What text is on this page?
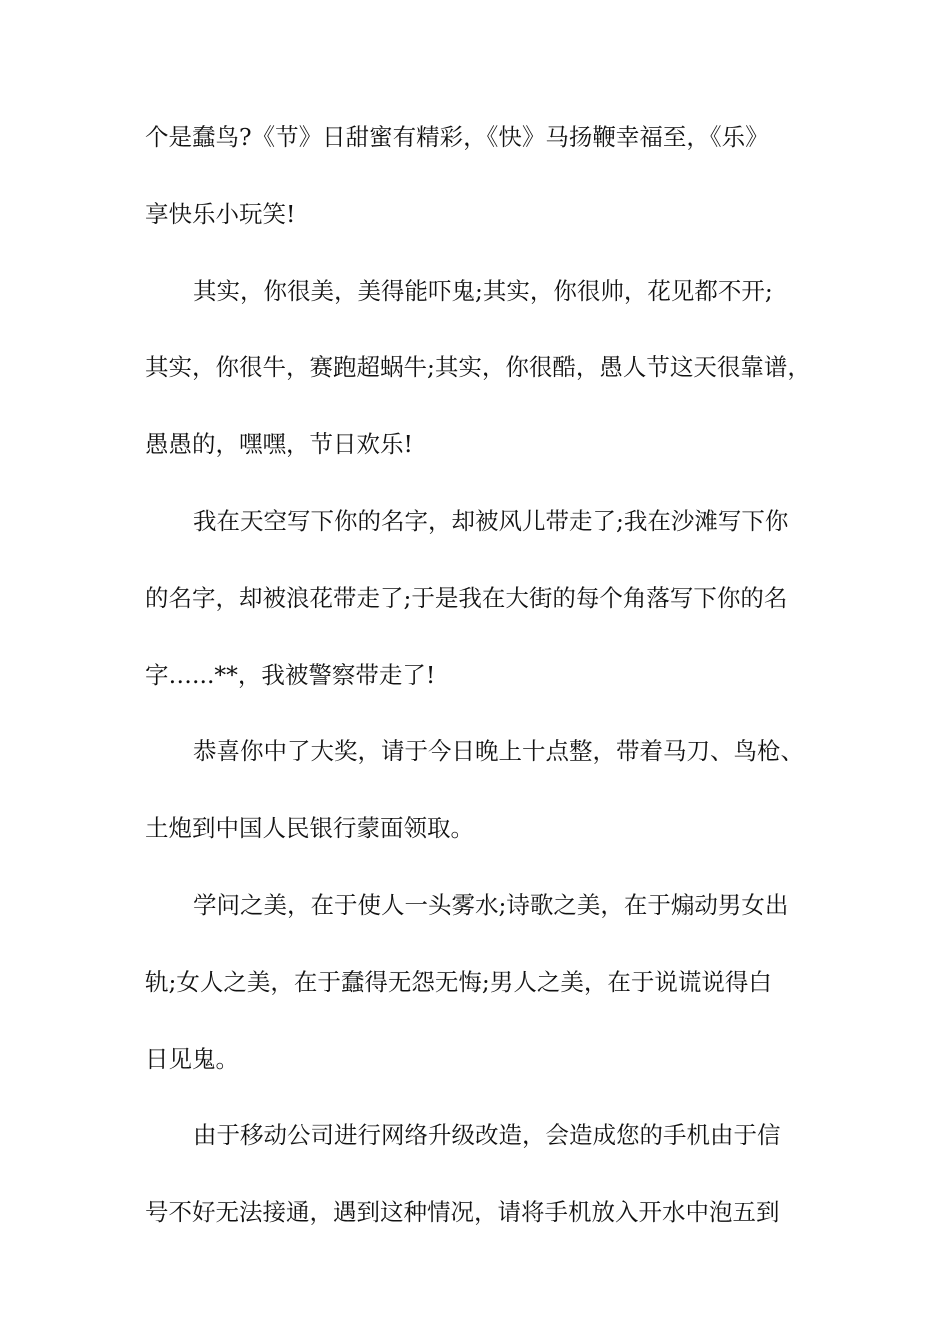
个是蠢鸟?《节》日甜蜜有精彩，《快》马扬鞭幸福至，《乐》
享快乐小玩笑!
其实，你很美，美得能吓鬼;其实，你很帅，花见都不开;
其实，你很牛，赛跑超蜗牛;其实，你很酷，愚人节这天很靠谱，
愚愚的，嘿嘿，节日欢乐!
我在天空写下你的名字，却被风儿带走了;我在沙滩写下你
的名字，却被浪花带走了;于是我在大街的每个角落写下你的名
字…...**，我被警察带走了!
恭喜你中了大奖，请于今日晚上十点整，带着马刀、鸟枪、
土炮到中国人民银行蒙面领取。
学问之美，在于使人一头雾水;诗歌之美，在于煽动男女出
轨;女人之美，在于蠢得无怨无悔;男人之美，在于说谎说得白
日见鬼。
由于移动公司进行网络升级改造，会造成您的手机由于信
号不好无法接通，遇到这种情况，请将手机放入开水中泡五到
